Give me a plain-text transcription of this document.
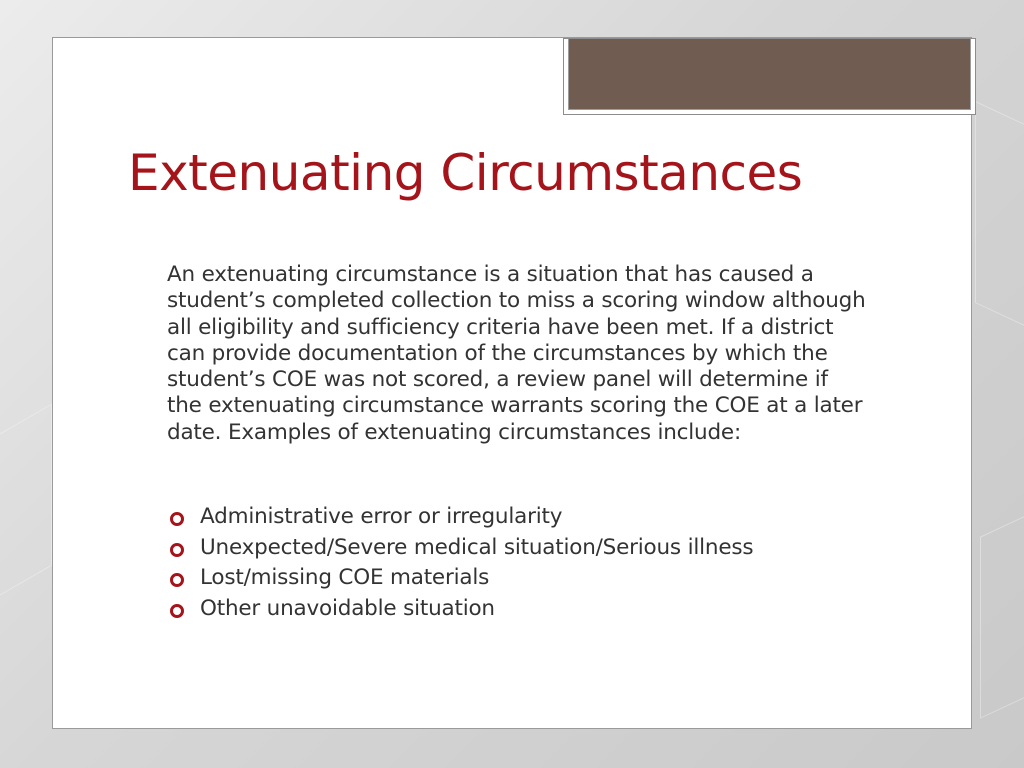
Extenuating Circumstances

An extenuating circumstance is a situation that has caused a student’s completed collection to miss a scoring window although all eligibility and sufficiency criteria have been met. If a district can provide documentation of the circumstances by which the student’s COE was not scored, a review panel will determine if the extenuating circumstance warrants scoring the COE at a later date. Examples of extenuating circumstances include:

Administrative error or irregularity
Unexpected/Severe medical situation/Serious illness
Lost/missing COE materials
Other unavoidable situation
